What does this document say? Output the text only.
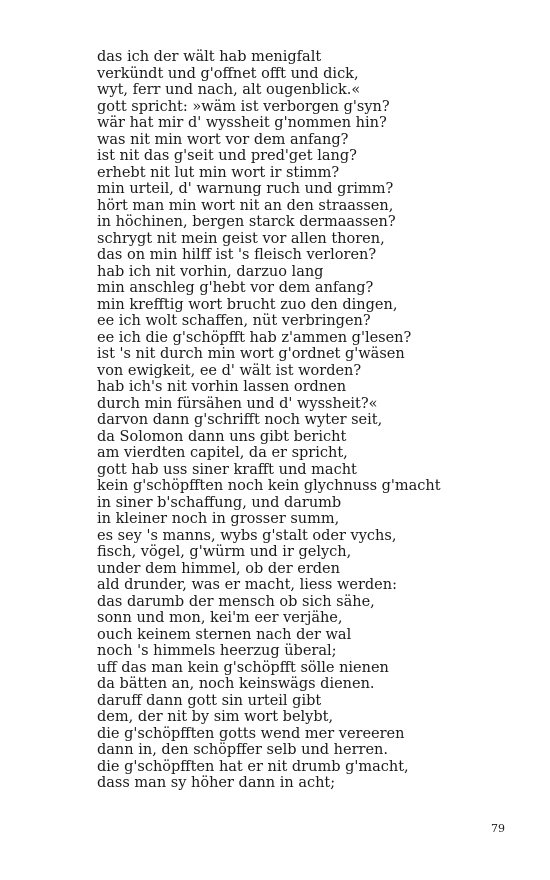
das ich der wält hab menigfalt
verkündt und g'offnet offt und dick,
wyt, ferr und nach, alt ougenblick.«
gott spricht: »wäm ist verborgen g'syn?
wär hat mir d' wyssheit g'nommen hin?
was nit min wort vor dem anfang?
ist nit das g'seit und pred'get lang?
erhebt nit lut min wort ir stimm?
min urteil, d' warnung ruch und grimm?
hört man min wort nit an den straassen,
in höchinen, bergen starck dermaassen?
schrygt nit mein geist vor allen thoren,
das on min hilff ist 's fleisch verloren?
hab ich nit vorhin, darzuo lang
min anschleg g'hebt vor dem anfang?
min krefftig wort brucht zuo den dingen,
ee ich wolt schaffen, nüt verbringen?
ee ich die g'schöpfft hab z'ammen g'lesen?
ist 's nit durch min wort g'ordnet g'wäsen
von ewigkeit, ee d' wält ist worden?
hab ich's nit vorhin lassen ordnen
durch min fürsähen und d' wyssheit?«
darvon dann g'schrifft noch wyter seit,
da Solomon dann uns gibt bericht
am vierdten capitel, da er spricht,
gott hab uss siner krafft und macht
kein g'schöpfften noch kein glychnuss g'macht
in siner b'schaffung, und darumb
in kleiner noch in grosser summ,
es sey 's manns, wybs g'stalt oder vychs,
fisch, vögel, g'würm und ir gelych,
under dem himmel, ob der erden
ald drunder, was er macht, liess werden:
das darumb der mensch ob sich sähe,
sonn und mon, kei'm eer verjähe,
ouch keinem sternen nach der wal
noch 's himmels heerzug überal;
uff das man kein g'schöpfft sölle nienen
da bätten an, noch keinswägs dienen.
daruff dann gott sin urteil gibt
dem, der nit by sim wort belybt,
die g'schöpfften gotts wend mer vereeren
dann in, den schöpffer selb und herren.
die g'schöpfften hat er nit drumb g'macht,
dass man sy höher dann in acht;
79
